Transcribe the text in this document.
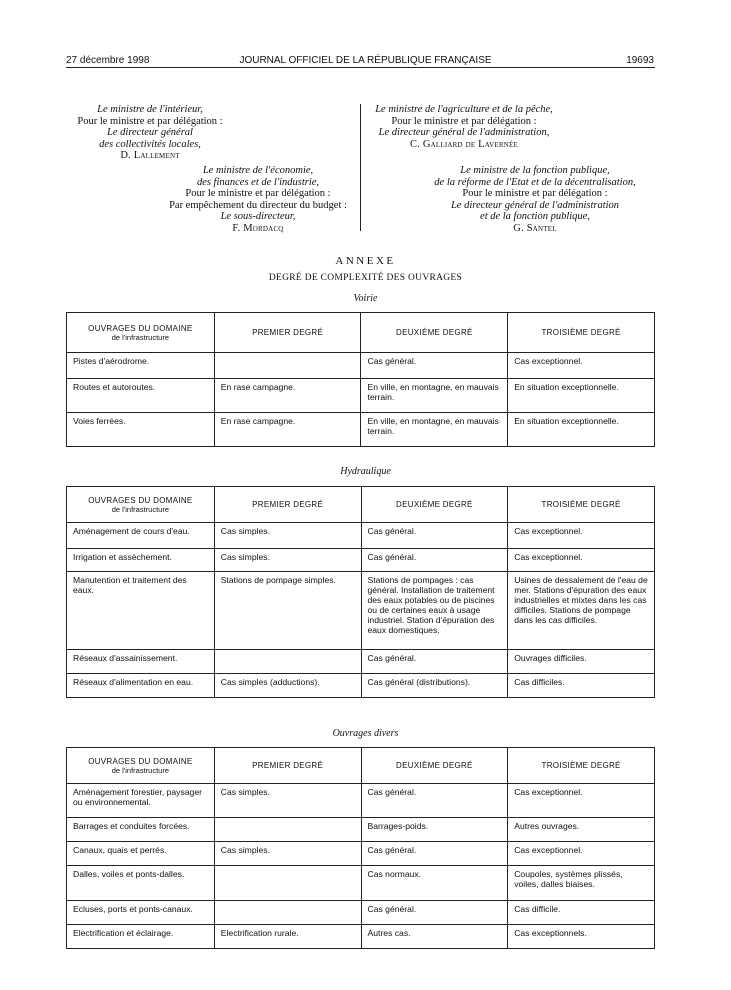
27 décembre 1998	JOURNAL OFFICIEL DE LA RÉPUBLIQUE FRANÇAISE	19693
Le ministre de l'intérieur,
Pour le ministre et par délégation :
Le directeur général
des collectivités locales,
D. Lallement
Le ministre de l'agriculture et de la pêche,
Pour le ministre et par délégation :
Le directeur général de l'administration,
C. Galliard de Lavernée
Le ministre de l'économie,
des finances et de l'industrie,
Pour le ministre et par délégation :
Par empêchement du directeur du budget :
Le sous-directeur,
F. Mordacq
Le ministre de la fonction publique,
de la réforme de l'Etat et de la décentralisation,
Pour le ministre et par délégation :
Le directeur général de l'administration
et de la fonction publique,
G. Santel
ANNEXE
DEGRÉ DE COMPLEXITÉ DES OUVRAGES
Voirie
Hydraulique
Ouvrages divers
OUVRAGES DU DOMAINE
de l'infrastructure	PREMIER DEGRÉ	DEUXIÈME DEGRÉ	TROISIÈME DEGRÉ
Pistes d'aérodrome.		Cas général.	Cas exceptionnel.
Routes et autoroutes.	En rase campagne.	En ville, en montagne, en mauvais terrain.	En situation exceptionnelle.
Voies ferrées.	En rase campagne.	En ville, en montagne, en mauvais terrain.	En situation exceptionnelle.
OUVRAGES DU DOMAINE
de l'infrastructure	PREMIER DEGRÉ	DEUXIÈME DEGRÉ	TROISIÈME DEGRÉ
Aménagement de cours d'eau.	Cas simples.	Cas général.	Cas exceptionnel.
Irrigation et assèchement.	Cas simples.	Cas général.	Cas exceptionnel.
Manutention et traitement des eaux.	Stations de pompage simples.	Stations de pompages : cas général. Installation de traitement des eaux potables ou de piscines ou de certaines eaux à usage industriel. Station d'épuration des eaux domestiques.	Usines de dessalement de l'eau de mer. Stations d'épuration des eaux industrielles et mixtes dans les cas difficiles. Stations de pompage dans les cas difficiles.
Réseaux d'assainissement.		Cas général.	Ouvrages difficiles.
Réseaux d'alimentation en eau.	Cas simples (adductions).	Cas général (distributions).	Cas difficiles.
OUVRAGES DU DOMAINE
de l'infrastructure	PREMIER DEGRÉ	DEUXIÈME DEGRÉ	TROISIÈME DEGRÉ
Aménagement forestier, paysager ou environnemental.	Cas simples.	Cas général.	Cas exceptionnel.
Barrages et conduites forcées.		Barrages-poids.	Autres ouvrages.
Canaux, quais et perrés.	Cas simples.	Cas général.	Cas exceptionnel.
Dalles, voiles et ponts-dalles.		Cas normaux.	Coupoles, systèmes plissés, voiles, dalles biaises.
Ecluses, ports et ponts-canaux.		Cas général.	Cas difficile.
Electrification et éclairage.	Electrification rurale.	Autres cas.	Cas exceptionnels.
